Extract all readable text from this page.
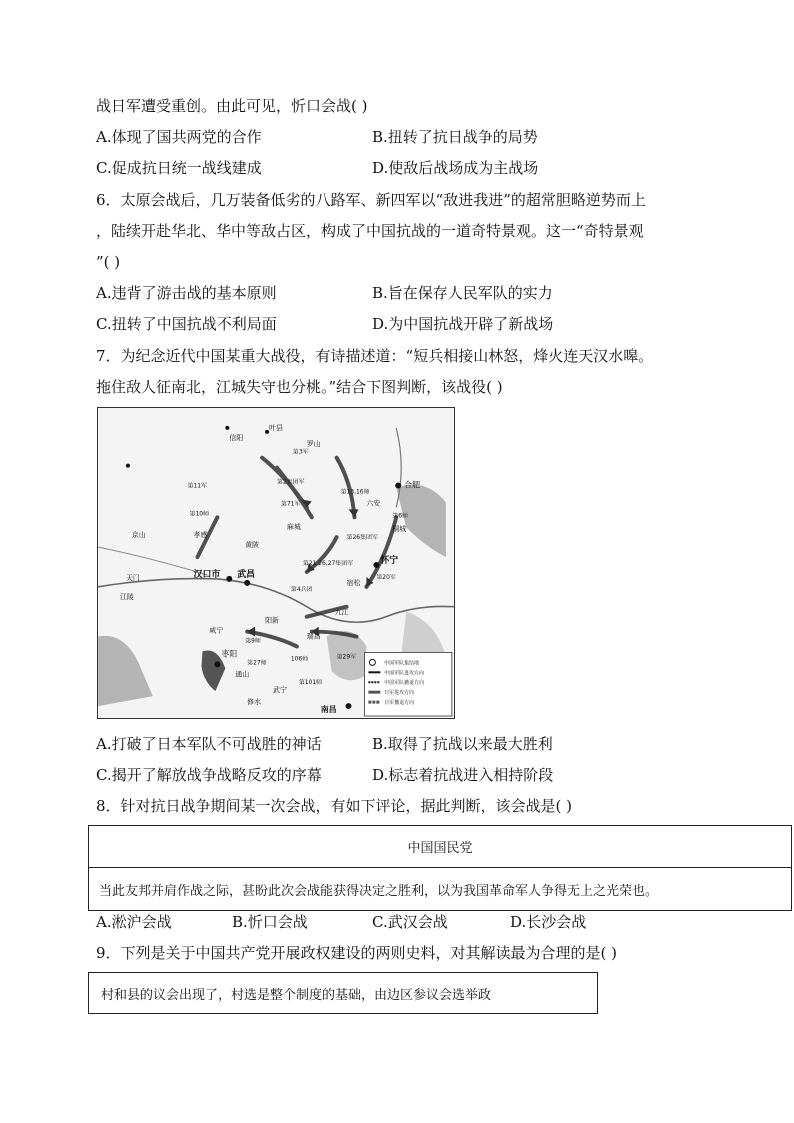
战日军遭受重创。由此可见，忻口会战( )
A.体现了国共两党的合作	B.扭转了抗日战争的局势
C.促成抗日统一战线建成	D.使敌后战场成为主战场
6．太原会战后，几万装备低劣的八路军、新四军以“敌进我进”的超常胆略逆势而上
，陆续开赴华北、华中等敌占区，构成了中国抗战的一道奇特景观。这一“奇特景观
”( )
A.违背了游击战的基本原则	B.旨在保存人民军队的实力
C.扭转了中国抗战不利局面	D.为中国抗战开辟了新战场
7．为纪念近代中国某重大战役，有诗描述道：“短兵相接山林怒，烽火连天汉水嗥。
拖住敌人征南北，江城失守也分桃。”结合下图判断，该战役( )
汉口市 武昌
怀宁
合肥
南昌
枣阳
天门
信阳
叶县
黄陂
罗山
麻城
六安
宿松
桐城
九江
瑞昌
阳新
通山
修水
武宁
咸宁
孝感
江陵
京山
第3军
第10师
第71军
第26集团军
第20军
第4兵团
第29军
第27师
第9师
106师
第101师
第6师
第2集团军
第13,16师
第21,26,27集团军
第11军
中国军队集结地
中国军队进攻方向
中国军队撤退方向
日军进攻方向
日军撤退方向
A.打破了日本军队不可战胜的神话	B.取得了抗战以来最大胜利
C.揭开了解放战争战略反攻的序幕	D.标志着抗战进入相持阶段
8．针对抗日战争期间某一次会战，有如下评论，据此判断，该会战是( )
中国国民党
当此友邦并肩作战之际，甚盼此次会战能获得决定之胜利，以为我国革命军人争得无上之光荣也。
A.淞沪会战	B.忻口会战	C.武汉会战	D.长沙会战
9．下列是关于中国共产党开展政权建设的两则史料，对其解读最为合理的是( )
村和县的议会出现了，村选是整个制度的基础，由边区参议会选举政
